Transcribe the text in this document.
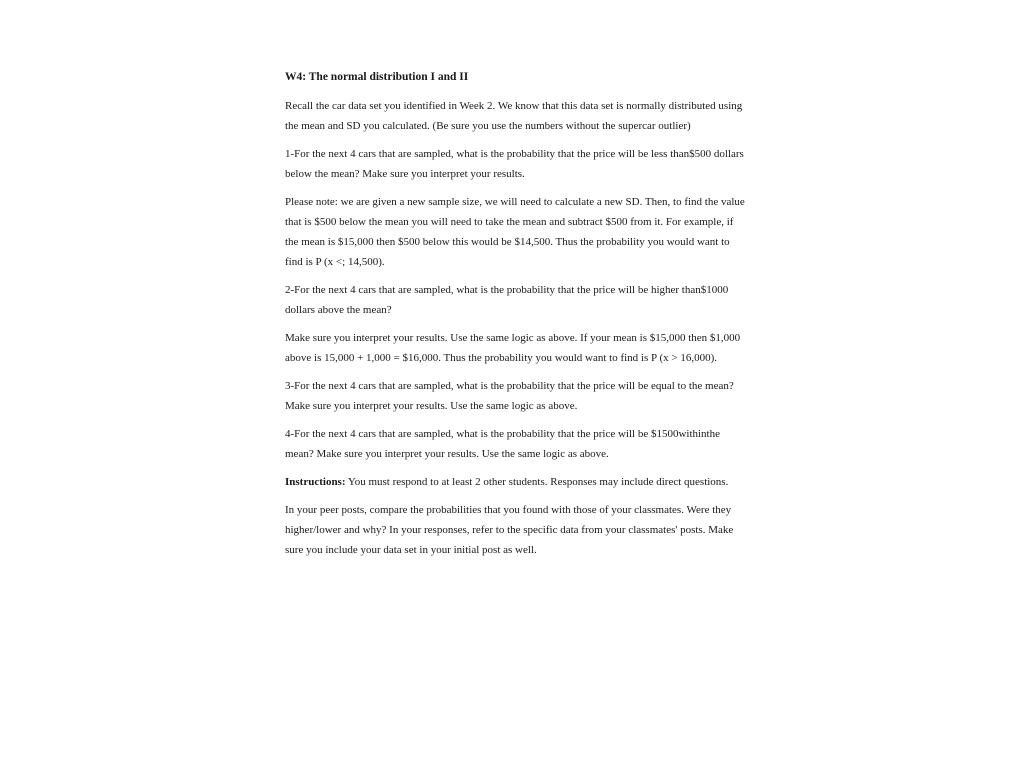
W4: The normal distribution I and II

Recall the car data set you identified in Week 2. We know that this data set is normally distributed using the mean and SD you calculated. (Be sure you use the numbers without the supercar outlier)

1-For the next 4 cars that are sampled, what is the probability that the price will be less than$500 dollars below the mean? Make sure you interpret your results.

Please note: we are given a new sample size, we will need to calculate a new SD. Then, to find the value that is $500 below the mean you will need to take the mean and subtract $500 from it. For example, if the mean is $15,000 then $500 below this would be $14,500. Thus the probability you would want to find is P (x <; 14,500).

2-For the next 4 cars that are sampled, what is the probability that the price will be higher than$1000 dollars above the mean?

Make sure you interpret your results. Use the same logic as above. If your mean is $15,000 then $1,000 above is 15,000 + 1,000 = $16,000. Thus the probability you would want to find is P (x > 16,000).

3-For the next 4 cars that are sampled, what is the probability that the price will be equal to the mean? Make sure you interpret your results. Use the same logic as above.

4-For the next 4 cars that are sampled, what is the probability that the price will be $1500withinthe mean? Make sure you interpret your results. Use the same logic as above.

Instructions: You must respond to at least 2 other students. Responses may include direct questions.

In your peer posts, compare the probabilities that you found with those of your classmates. Were they higher/lower and why? In your responses, refer to the specific data from your classmates' posts. Make sure you include your data set in your initial post as well.
